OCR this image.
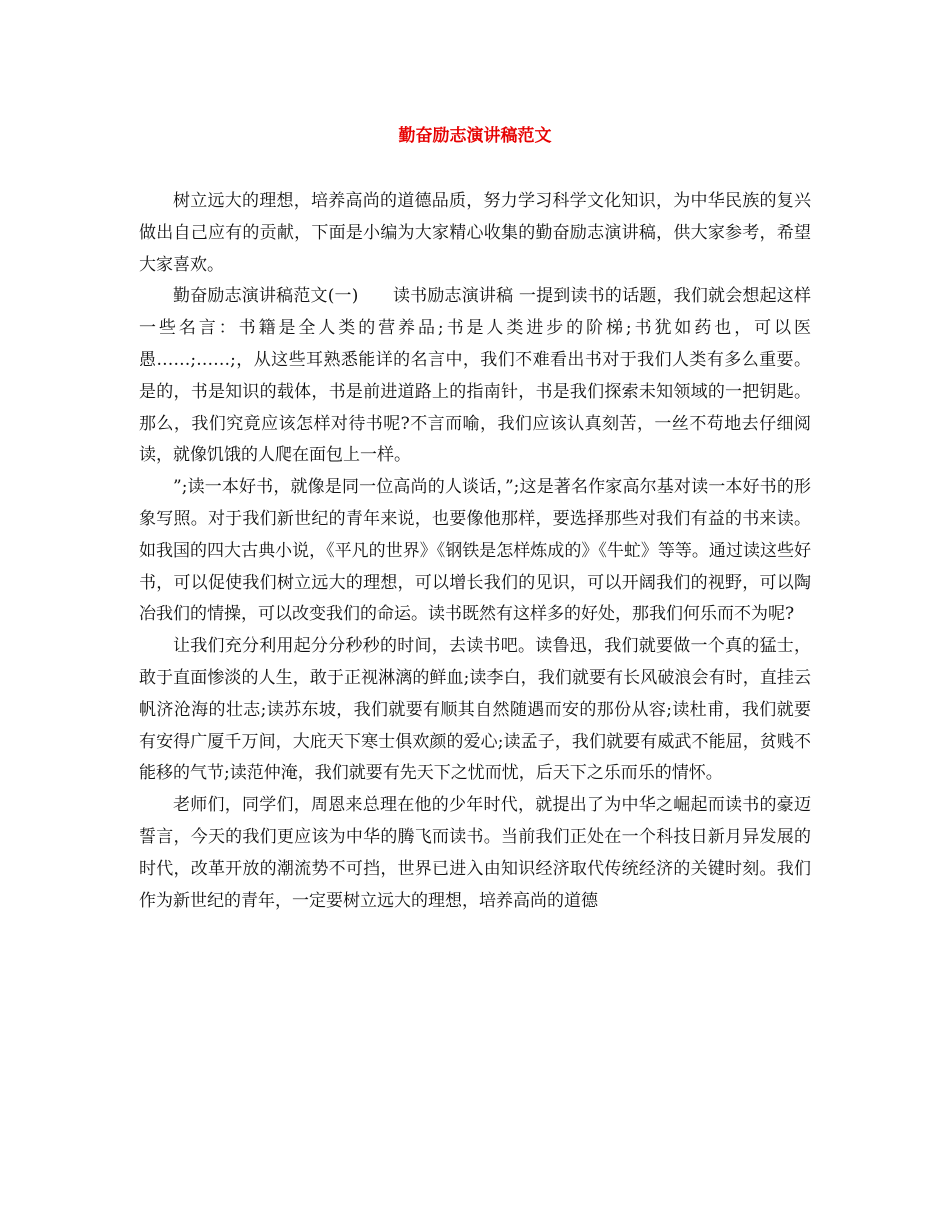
勤奋励志演讲稿范文

树立远大的理想，培养高尚的道德品质，努力学习科学文化知识，为中华民族的复兴做出自己应有的贡献，下面是小编为大家精心收集的勤奋励志演讲稿，供大家参考，希望大家喜欢。

勤奋励志演讲稿范文(一)　　读书励志演讲稿 一提到读书的话题，我们就会想起这样一些名言：书籍是全人类的营养品;书是人类进步的阶梯;书犹如药也，可以医愚……;……;，从这些耳熟悉能详的名言中，我们不难看出书对于我们人类有多么重要。是的，书是知识的载体，书是前进道路上的指南针，书是我们探索未知领域的一把钥匙。那么，我们究竟应该怎样对待书呢?不言而喻，我们应该认真刻苦，一丝不苟地去仔细阅读，就像饥饿的人爬在面包上一样。

”;读一本好书，就像是同一位高尚的人谈话，”;这是著名作家高尔基对读一本好书的形象写照。对于我们新世纪的青年来说，也要像他那样，要选择那些对我们有益的书来读。如我国的四大古典小说，《平凡的世界》《钢铁是怎样炼成的》《牛虻》等等。通过读这些好书，可以促使我们树立远大的理想，可以增长我们的见识，可以开阔我们的视野，可以陶冶我们的情操，可以改变我们的命运。读书既然有这样多的好处，那我们何乐而不为呢?

让我们充分利用起分分秒秒的时间，去读书吧。读鲁迅，我们就要做一个真的猛士，敢于直面惨淡的人生，敢于正视淋漓的鲜血;读李白，我们就要有长风破浪会有时，直挂云帆济沧海的壮志;读苏东坡，我们就要有顺其自然随遇而安的那份从容;读杜甫，我们就要有安得广厦千万间，大庇天下寒士俱欢颜的爱心;读孟子，我们就要有威武不能屈，贫贱不能移的气节;读范仲淹，我们就要有先天下之忧而忧，后天下之乐而乐的情怀。

老师们，同学们，周恩来总理在他的少年时代，就提出了为中华之崛起而读书的豪迈誓言，今天的我们更应该为中华的腾飞而读书。当前我们正处在一个科技日新月异发展的时代，改革开放的潮流势不可挡，世界已进入由知识经济取代传统经济的关键时刻。我们作为新世纪的青年，一定要树立远大的理想，培养高尚的道德
